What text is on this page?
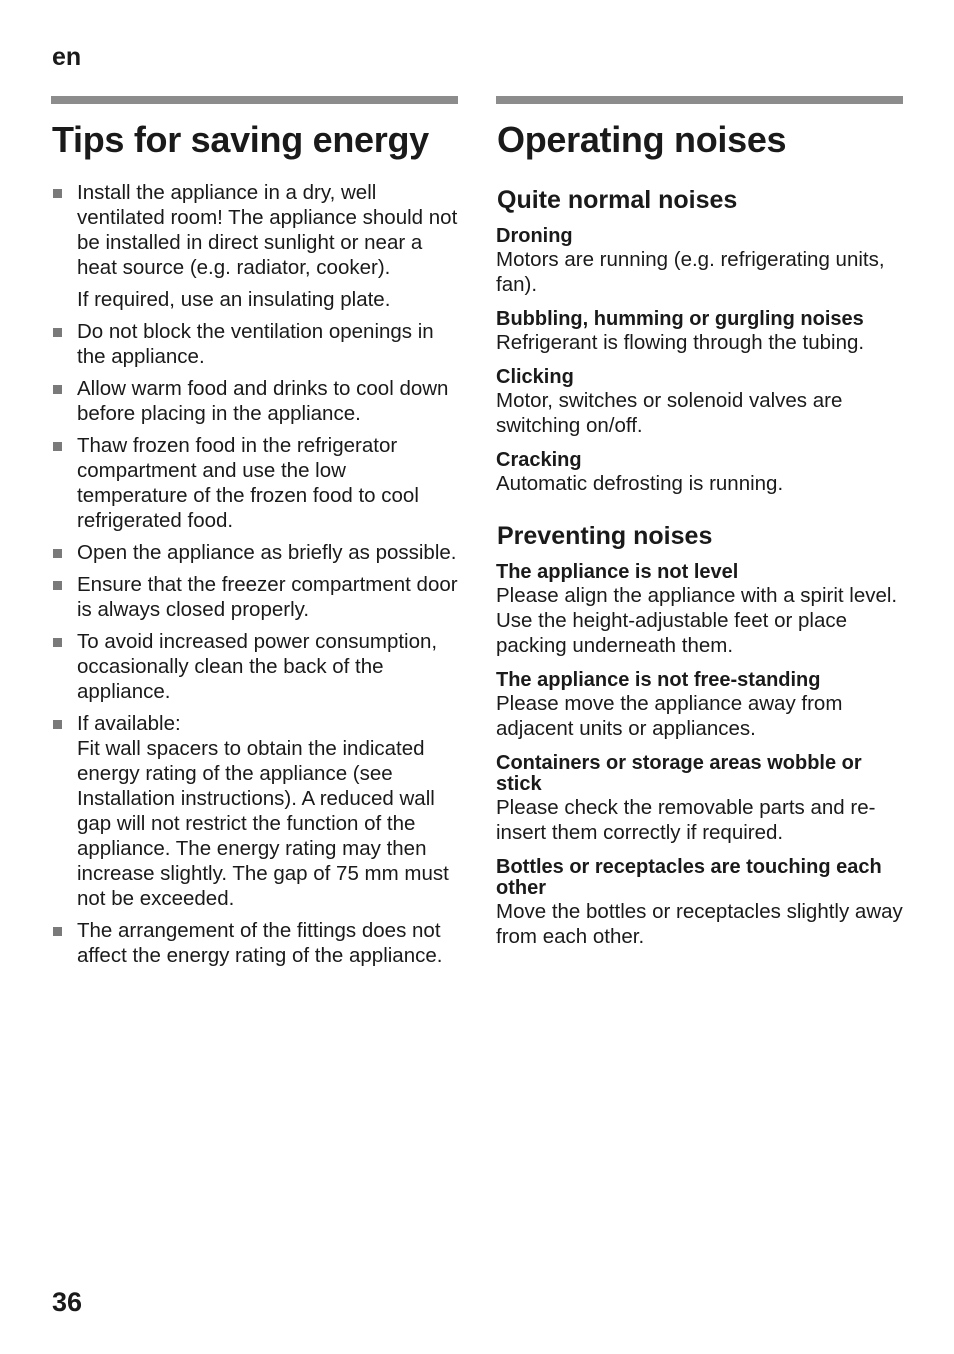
en
Tips for saving energy
Install the appliance in a dry, well ventilated room! The appliance should not be installed in direct sunlight or near a heat source (e.g. radiator, cooker).
If required, use an insulating plate.
Do not block the ventilation openings in the appliance.
Allow warm food and drinks to cool down before placing in the appliance.
Thaw frozen food in the refrigerator compartment and use the low temperature of the frozen food to cool refrigerated food.
Open the appliance as briefly as possible.
Ensure that the freezer compartment door is always closed properly.
To avoid increased power consumption, occasionally clean the back of the appliance.
If available:
Fit wall spacers to obtain the indicated energy rating of the appliance (see Installation instructions). A reduced wall gap will not restrict the function of the appliance. The energy rating may then increase slightly. The gap of 75 mm must not be exceeded.
The arrangement of the fittings does not affect the energy rating of the appliance.
Operating noises
Quite normal noises
Droning

Motors are running (e.g. refrigerating units, fan).

Bubbling, humming or gurgling noises

Refrigerant is flowing through the tubing.

Clicking

Motor, switches or solenoid valves are switching on/off.

Cracking

Automatic defrosting is running.

Preventing noises
The appliance is not level

Please align the appliance with a spirit level. Use the height-adjustable feet or place packing underneath them.

The appliance is not free-standing

Please move the appliance away from adjacent units or appliances.

Containers or storage areas wobble or stick

Please check the removable parts and re-insert them correctly if required.

Bottles or receptacles are touching each other

Move the bottles or receptacles slightly away from each other.

36
